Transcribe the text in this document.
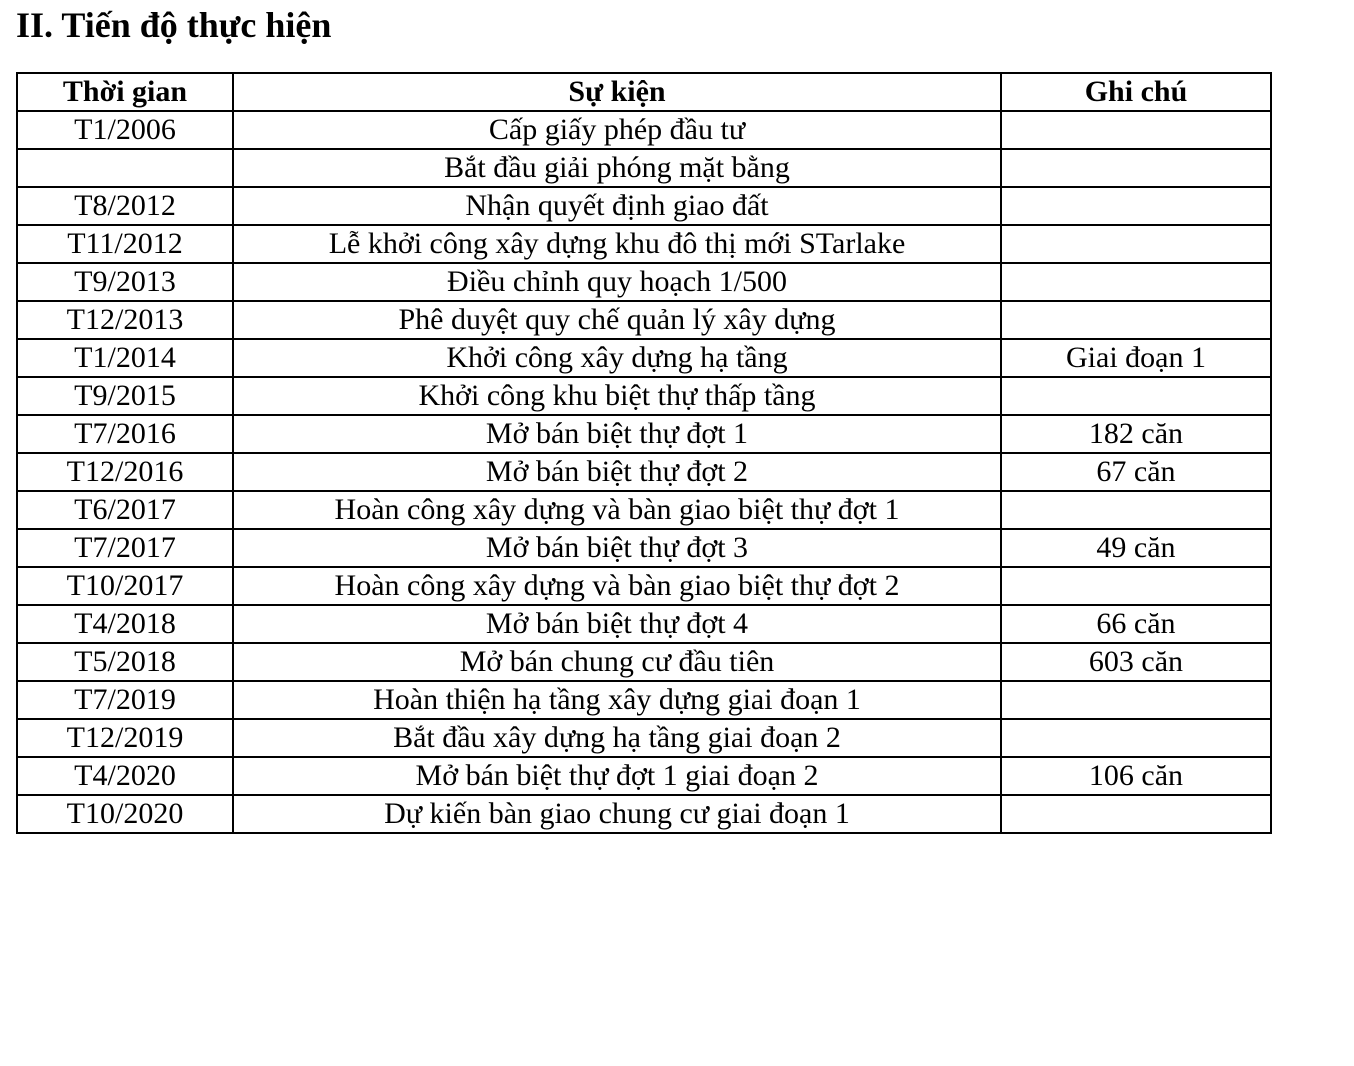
II. Tiến độ thực hiện
Thời gian	Sự kiện	Ghi chú
T1/2006	Cấp giấy phép đầu tư	
	Bắt đầu giải phóng mặt bằng	
T8/2012	Nhận quyết định giao đất	
T11/2012	Lễ khởi công xây dựng khu đô thị mới STarlake	
T9/2013	Điều chỉnh quy hoạch 1/500	
T12/2013	Phê duyệt quy chế quản lý xây dựng	
T1/2014	Khởi công xây dựng hạ tầng	Giai đoạn 1
T9/2015	Khởi công khu biệt thự thấp tầng	
T7/2016	Mở bán biệt thự đợt 1	182 căn
T12/2016	Mở bán biệt thự đợt 2	67 căn
T6/2017	Hoàn công xây dựng và bàn giao biệt thự đợt 1	
T7/2017	Mở bán biệt thự đợt 3	49 căn
T10/2017	Hoàn công xây dựng và bàn giao biệt thự đợt 2	
T4/2018	Mở bán biệt thự đợt 4	66 căn
T5/2018	Mở bán chung cư đầu tiên	603 căn
T7/2019	Hoàn thiện hạ tầng xây dựng giai đoạn 1	
T12/2019	Bắt đầu xây dựng hạ tầng giai đoạn 2	
T4/2020	Mở bán biệt thự đợt 1 giai đoạn 2	106 căn
T10/2020	Dự kiến bàn giao chung cư giai đoạn 1	
